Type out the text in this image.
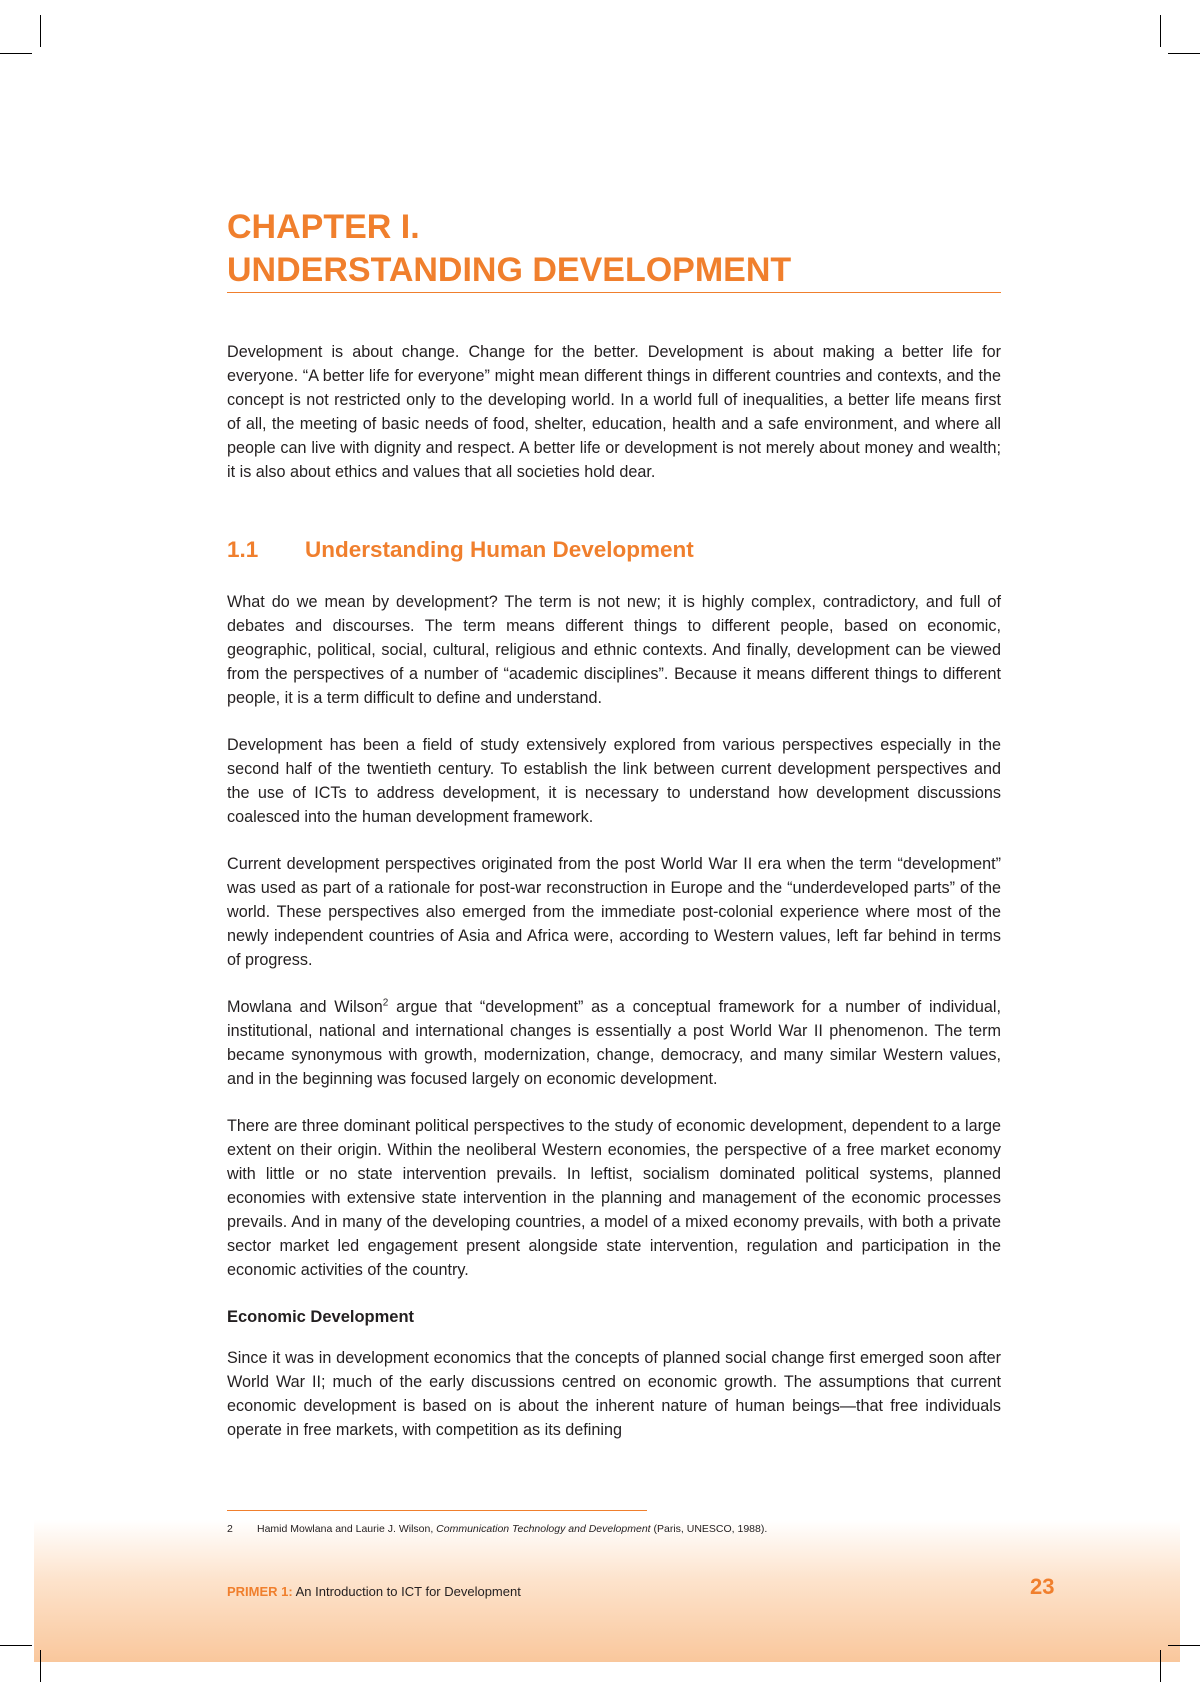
CHAPTER I.
UNDERSTANDING DEVELOPMENT

Development is about change. Change for the better. Development is about making a better life for everyone. “A better life for everyone” might mean different things in different countries and contexts, and the concept is not restricted only to the developing world. In a world full of inequalities, a better life means first of all, the meeting of basic needs of food, shelter, education, health and a safe environment, and where all people can live with dignity and respect. A better life or development is not merely about money and wealth; it is also about ethics and values that all societies hold dear.

1.1	Understanding Human Development

What do we mean by development? The term is not new; it is highly complex, contradictory, and full of debates and discourses. The term means different things to different people, based on economic, geographic, political, social, cultural, religious and ethnic contexts. And finally, development can be viewed from the perspectives of a number of “academic disciplines”. Because it means different things to different people, it is a term difficult to define and understand.

Development has been a field of study extensively explored from various perspectives especially in the second half of the twentieth century. To establish the link between current development perspectives and the use of ICTs to address development, it is necessary to understand how development discussions coalesced into the human development framework.

Current development perspectives originated from the post World War II era when the term “development” was used as part of a rationale for post-war reconstruction in Europe and the “underdeveloped parts” of the world. These perspectives also emerged from the immediate post-colonial experience where most of the newly independent countries of Asia and Africa were, according to Western values, left far behind in terms of progress.

Mowlana and Wilson$^2$ argue that “development” as a conceptual framework for a number of individual, institutional, national and international changes is essentially a post World War II phenomenon. The term became synonymous with growth, modernization, change, democracy, and many similar Western values, and in the beginning was focused largely on economic development.

There are three dominant political perspectives to the study of economic development, dependent to a large extent on their origin. Within the neoliberal Western economies, the perspective of a free market economy with little or no state intervention prevails. In leftist, socialism dominated political systems, planned economies with extensive state intervention in the planning and management of the economic processes prevails. And in many of the developing countries, a model of a mixed economy prevails, with both a private sector market led engagement present alongside state intervention, regulation and participation in the economic activities of the country.

Economic Development

Since it was in development economics that the concepts of planned social change first emerged soon after World War II; much of the early discussions centred on economic growth. The assumptions that current economic development is based on is about the inherent nature of human beings—that free individuals operate in free markets, with competition as its defining

2 Hamid Mowlana and Laurie J. Wilson, Communication Technology and Development (Paris, UNESCO, 1988).
PRIMER 1: An Introduction to ICT for Development	23
